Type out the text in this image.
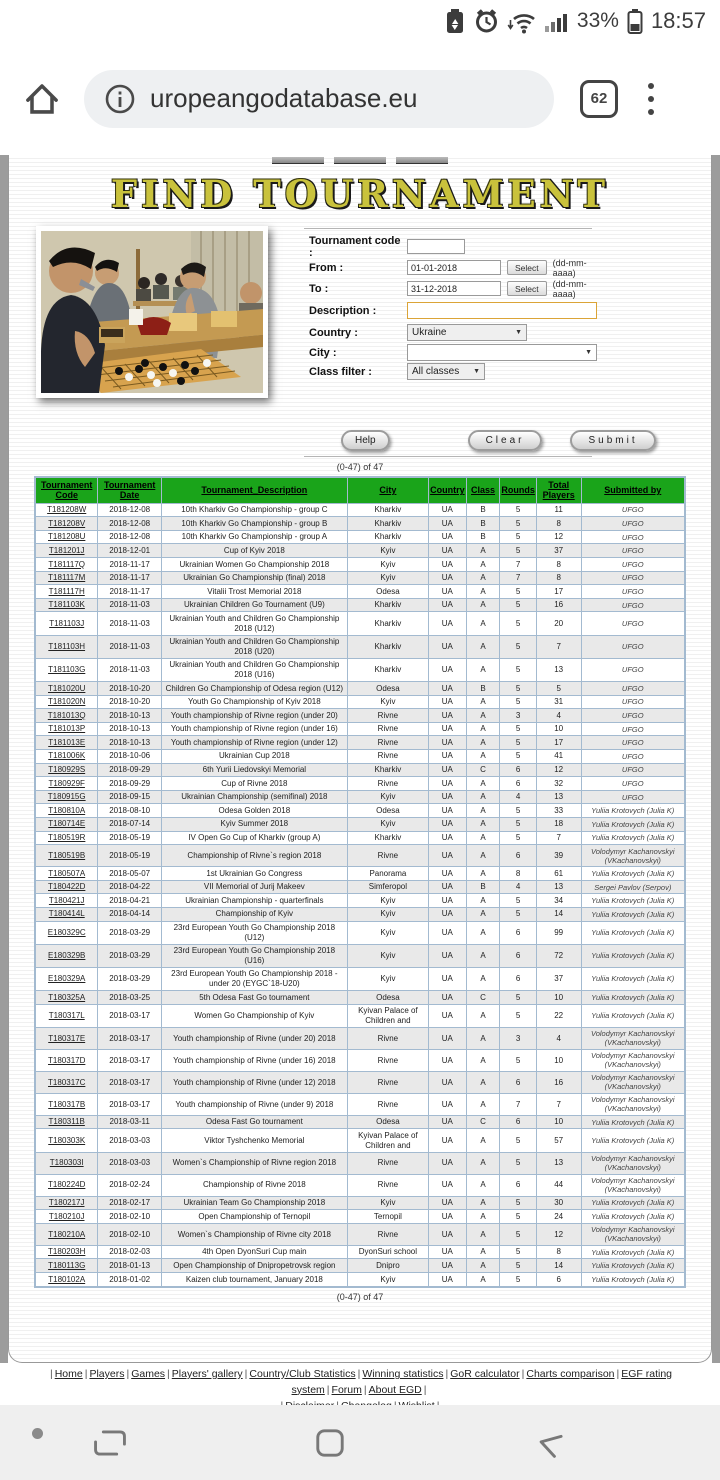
33% 18:57
uropeangodatabase.eu	62
FIND TOURNAMENT
Tournament code :
From :
01-01-2018	Select	(dd-mm-aaaa)
To :
31-12-2018	Select	(dd-mm-aaaa)
Description :
Country :	Ukraine	▼
City :	▼
Class filter :	All classes ▼
Help	Clear	Submit
(0-47) of 47
Tournament Code	Tournament Date	Tournament_Description	City	Country	Class	Rounds	Total Players	Submitted by
T181208W	2018-12-08	10th Kharkiv Go Championship - group C	Kharkiv	UA	B	5	11	UFGO
T181208V	2018-12-08	10th Kharkiv Go Championship - group B	Kharkiv	UA	B	5	8	UFGO
T181208U	2018-12-08	10th Kharkiv Go Championship - group A	Kharkiv	UA	B	5	12	UFGO
T181201J	2018-12-01	Cup of Kyiv 2018	Kyiv	UA	A	5	37	UFGO
T181117Q	2018-11-17	Ukrainian Women Go Championship 2018	Kyiv	UA	A	7	8	UFGO
T181117M	2018-11-17	Ukrainian Go Championship (final) 2018	Kyiv	UA	A	7	8	UFGO
T181117H	2018-11-17	Vitalii Trost Memorial 2018	Odesa	UA	A	5	17	UFGO
T181103K	2018-11-03	Ukrainian Children Go Tournament (U9)	Kharkiv	UA	A	5	16	UFGO
T181103J	2018-11-03	Ukrainian Youth and Children Go Championship 2018 (U12)	Kharkiv	UA	A	5	20	UFGO
T181103H	2018-11-03	Ukrainian Youth and Children Go Championship 2018 (U20)	Kharkiv	UA	A	5	7	UFGO
T181103G	2018-11-03	Ukrainian Youth and Children Go Championship 2018 (U16)	Kharkiv	UA	A	5	13	UFGO
T181020U	2018-10-20	Children Go Championship of Odesa region (U12)	Odesa	UA	B	5	5	UFGO
T181020N	2018-10-20	Youth Go Championship of Kyiv 2018	Kyiv	UA	A	5	31	UFGO
T181013Q	2018-10-13	Youth championship of Rivne region (under 20)	Rivne	UA	A	3	4	UFGO
T181013P	2018-10-13	Youth championship of Rivne region (under 16)	Rivne	UA	A	5	10	UFGO
T181013E	2018-10-13	Youth championship of Rivne region (under 12)	Rivne	UA	A	5	17	UFGO
T181006K	2018-10-06	Ukrainian Cup 2018	Rivne	UA	A	5	41	UFGO
T180929S	2018-09-29	6th Yurii Liedovskyi Memorial	Kharkiv	UA	C	6	12	UFGO
T180929F	2018-09-29	Cup of Rivne 2018	Rivne	UA	A	6	32	UFGO
T180915G	2018-09-15	Ukrainian Championship (semifinal) 2018	Kyiv	UA	A	4	13	UFGO
T180810A	2018-08-10	Odesa Golden 2018	Odesa	UA	A	5	33	Yuliia Krotovych (Julia K)
T180714E	2018-07-14	Kyiv Summer 2018	Kyiv	UA	A	5	18	Yuliia Krotovych (Julia K)
T180519R	2018-05-19	IV Open Go Cup of Kharkiv (group A)	Kharkiv	UA	A	5	7	Yuliia Krotovych (Julia K)
T180519B	2018-05-19	Championship of Rivne`s region 2018	Rivne	UA	A	6	39	Volodymyr Kachanovskyi (VKachanovskyi)
T180507A	2018-05-07	1st Ukrainian Go Congress	Panorama	UA	A	8	61	Yuliia Krotovych (Julia K)
T180422D	2018-04-22	VII Memorial of Jurij Makeev	Simferopol	UA	B	4	13	Sergei Pavlov (Serpov)
T180421J	2018-04-21	Ukrainian Championship - quarterfinals	Kyiv	UA	A	5	34	Yuliia Krotovych (Julia K)
T180414L	2018-04-14	Championship of Kyiv	Kyiv	UA	A	5	14	Yuliia Krotovych (Julia K)
E180329C	2018-03-29	23rd European Youth Go Championship 2018 (U12)	Kyiv	UA	A	6	99	Yuliia Krotovych (Julia K)
E180329B	2018-03-29	23rd European Youth Go Championship 2018 (U16)	Kyiv	UA	A	6	72	Yuliia Krotovych (Julia K)
E180329A	2018-03-29	23rd European Youth Go Championship 2018 - under 20 (EYGC`18-U20)	Kyiv	UA	A	6	37	Yuliia Krotovych (Julia K)
T180325A	2018-03-25	5th Odesa Fast Go tournament	Odesa	UA	C	5	10	Yuliia Krotovych (Julia K)
T180317L	2018-03-17	Women Go Championship of Kyiv	Kyivan Palace of Children and	UA	A	5	22	Yuliia Krotovych (Julia K)
T180317E	2018-03-17	Youth championship of Rivne (under 20) 2018	Rivne	UA	A	3	4	Volodymyr Kachanovskyi (VKachanovskyi)
T180317D	2018-03-17	Youth championship of Rivne (under 16) 2018	Rivne	UA	A	5	10	Volodymyr Kachanovskyi (VKachanovskyi)
T180317C	2018-03-17	Youth championship of Rivne (under 12) 2018	Rivne	UA	A	6	16	Volodymyr Kachanovskyi (VKachanovskyi)
T180317B	2018-03-17	Youth championship of Rivne (under 9) 2018	Rivne	UA	A	7	7	Volodymyr Kachanovskyi (VKachanovskyi)
T180311B	2018-03-11	Odesa Fast Go tournament	Odesa	UA	C	6	10	Yuliia Krotovych (Julia K)
T180303K	2018-03-03	Viktor Tyshchenko Memorial	Kyivan Palace of Children and	UA	A	5	57	Yuliia Krotovych (Julia K)
T180303I	2018-03-03	Women`s Championship of Rivne region 2018	Rivne	UA	A	5	13	Volodymyr Kachanovskyi (VKachanovskyi)
T180224D	2018-02-24	Championship of Rivne 2018	Rivne	UA	A	6	44	Volodymyr Kachanovskyi (VKachanovskyi)
T180217J	2018-02-17	Ukrainian Team Go Championship 2018	Kyiv	UA	A	5	30	Yuliia Krotovych (Julia K)
T180210J	2018-02-10	Open Championship of Ternopil	Ternopil	UA	A	5	24	Yuliia Krotovych (Julia K)
T180210A	2018-02-10	Women`s Championship of Rivne city 2018	Rivne	UA	A	5	12	Volodymyr Kachanovskyi (VKachanovskyi)
T180203H	2018-02-03	4th Open DyonSuri Cup main	DyonSuri school	UA	A	5	8	Yuliia Krotovych (Julia K)
T180113G	2018-01-13	Open Championship of Dnipropetrovsk region	Dnipro	UA	A	5	14	Yuliia Krotovych (Julia K)
T180102A	2018-01-02	Kaizen club tournament, January 2018	Kyiv	UA	A	5	6	Yuliia Krotovych (Julia K)
(0-47) of 47
| Home | Players | Games | Players' gallery | Country/Club Statistics | Winning statistics | GoR calculator | Charts comparison | EGF rating system | Forum | About EGD |
